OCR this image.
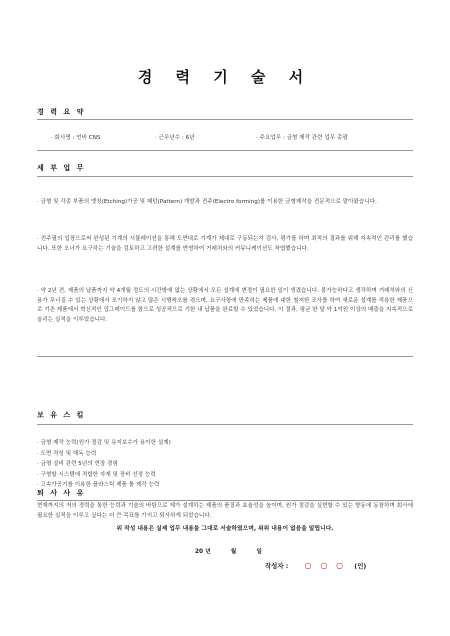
경 력 기 술 서
경 력 요 약
· 회사명 : 언비 CNS	· 근무년수 : 6년	· 주요업무 : 금형 제작 관련 업무 총괄
세 부 업 무

· 금형 및 각종 부품의 엣칭(Etching)가공 및 패턴(Pattern) 개발과 전주(Electro forming)를 이용한 금형제작을 전문적으로 맡아왔습니다.

· 전주필의 입장으로써 완성된 기계의 시뮬레이션을 통해 도면대로 기계가 제대로 구동되는지 검사, 평가를 하며 최적의 결과를 위해 지속적인 관리를 했습니다. 또한 오너가 요구하는 기술을 검토하고 고려한 설계를 반영하여 거래처와의 커뮤니케이션도 착엽했습니다.

· 약 2년 전, 제품의 납품까지 약 4개월 정도의 시간밖에 없는 상황에서 모든 설계에 변경이 필요한 일이 생겼습니다. 불가능하다고 생각하며 거래처와의 신용가 무너질 수 있는 상황에서 포기하지 않고 많은 시행착오를 겪으며, 요구사항에 만족하는 제품에 대한 철저한 조사를 하여 새로운 설계를 적용한 제품으로 기존 제품에서 혁신적인 업그레이드를 함으로 성공적으로 기한 내 납품을 완료할 수 있었습니다. 이 결과, 평균 한 달 약 1억원 이상의 매출을 지속적으로 올리는 실적을 이루었습니다.

보 유 스 킬
· 금형 제작 능력(원가 절감 및 유지보수가 용이한 설계)
· 도면 작성 및 해독 능력
· 금형 설비 관련 5년의 현장 경험
· 구형할 시스템에 적합한 자재 및 장비 선정 능력
· 고속가공기를 이용한 플라스틱 제품 틀 제작 능력
퇴 사 사 유

현재까지의 저의 경력을 통한 능력과 기술의 바탕으로 제가 설계하는 제품의 품질과 효율성을 높이며, 원가 절감을 실현할 수 있는 향동에 동참하며 회사에 필요한 실적을 이루고 싶다는 더 큰 목표를 가지고 퇴사하게 되었습니다.

위 작성 내용은 실제 업무 내용을 그대로 서술하였으며, 위위 내용이 없음을 알립니다.
20 년	월	일
작성자 : ○ ○ ○ (인)
